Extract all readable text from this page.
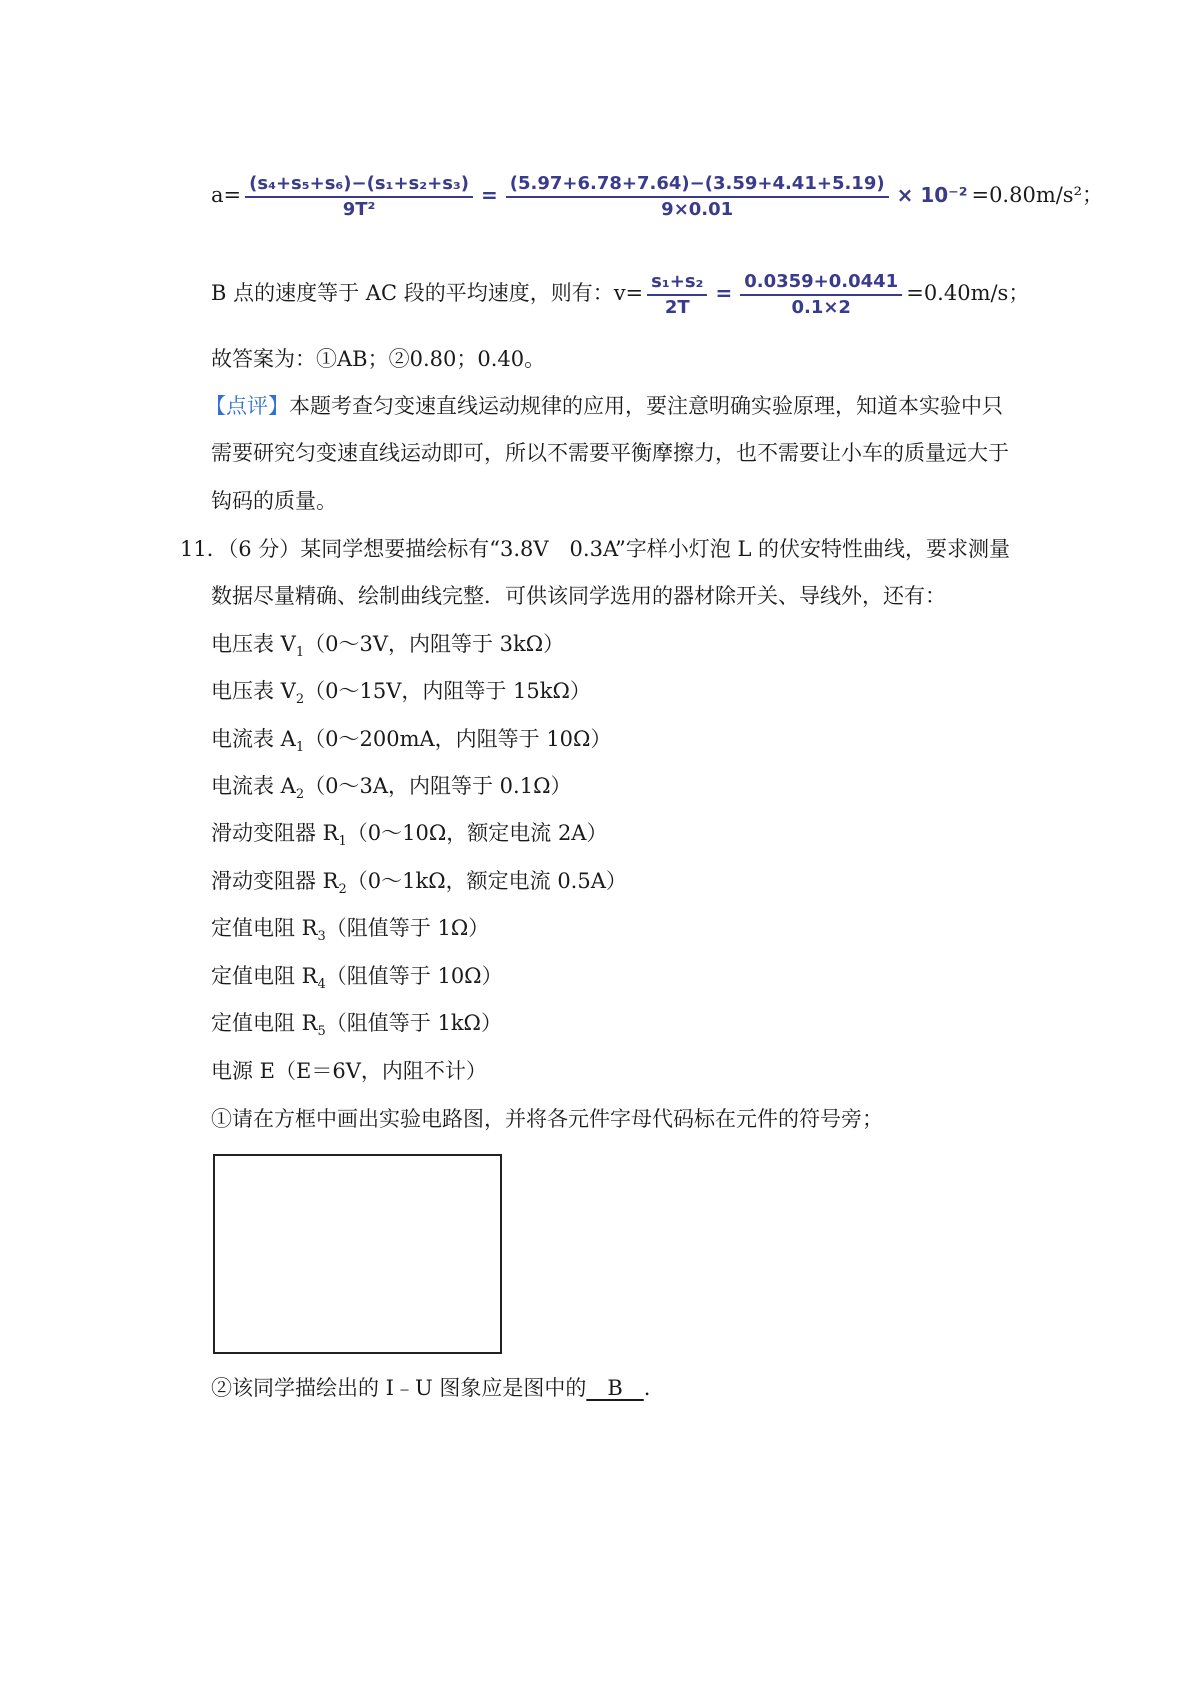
$a= \frac{\text{(s₄+s₅+s₆)−(s₁+s₂+s₃)}}{\text{9T²}} = \frac{(5.97+6.78+7.64)-(3.59+4.41+5.19)}{9\times 0.01} \times 10^{-2} =0.80m/s^2$；
B 点的速度等于 AC 段的平均速度，则有：$v= \frac{\text{s₁+s₂}}{2T} = \frac{0.0359+0.0441}{0.1\times 2} =0.40m/s$；
故答案为：①AB；②0.80；0.40。
【点评】本题考查匀变速直线运动规律的应用，要注意明确实验原理，知道本实验中只
需要研究匀变速直线运动即可，所以不需要平衡摩擦力，也不需要让小车的质量远大于
钩码的质量。
11．（6 分）某同学想要描绘标有“3.8V　0.3A”字样小灯泡 L 的伏安特性曲线，要求测量
数据尽量精确、绘制曲线完整．可供该同学选用的器材除开关、导线外，还有：
电压表 $V_1(0\sim 3V$，内阻等于 3kΩ）
电压表 $V_2(0\sim 15V$，内阻等于 15kΩ）
电流表 $A_1(0\sim 200mA$，内阻等于 10Ω）
电流表 $A_2(0\sim 3A$，内阻等于 0.1Ω）
滑动变阻器 $R_1(0\sim 10\Omega$，额定电流 2A）
滑动变阻器 $R_2(0\sim 1k\Omega$，额定电流 0.5A）
定值电阻 $R_3$（阻值等于 1Ω）
定值电阻 $R_4$（阻值等于 10Ω）
定值电阻 $R_5$（阻值等于 1kΩ）
电源 E（E＝6V，内阻不计）
①请在方框中画出实验电路图，并将各元件字母代码标在元件的符号旁；
②该同学描绘出的 I﹣U 图象应是图中的　B　.
